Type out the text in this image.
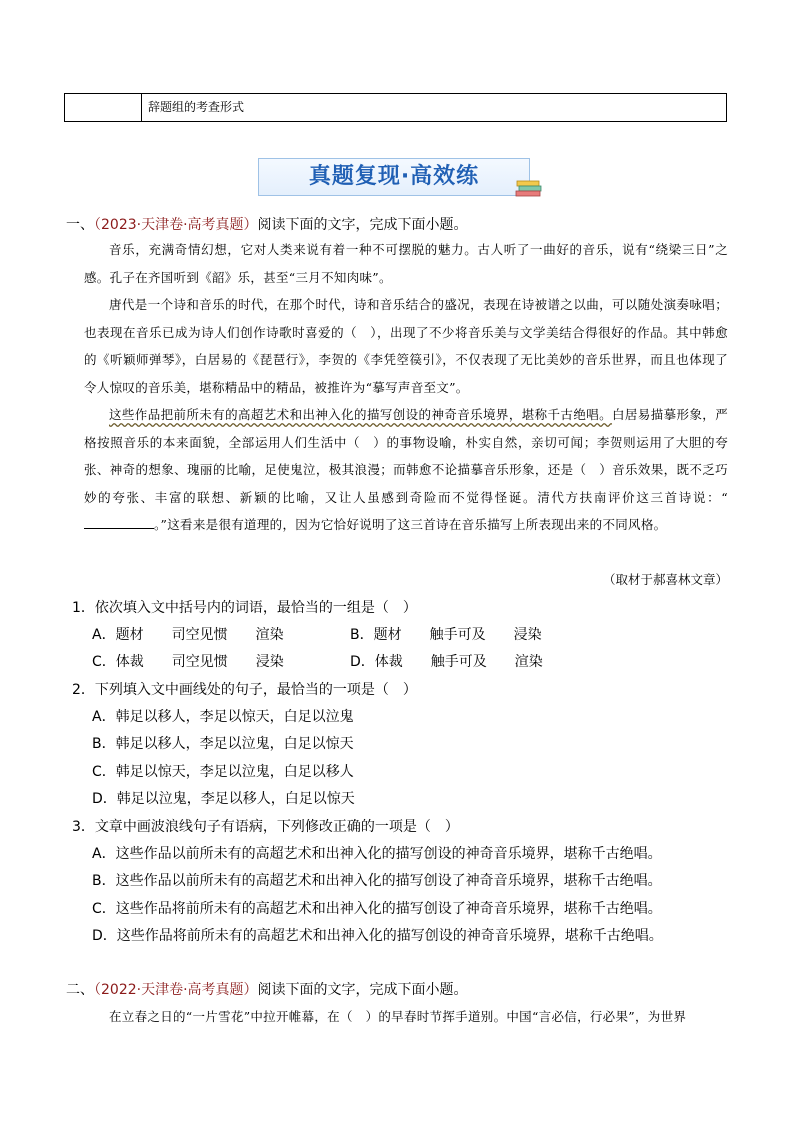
辞题组的考查形式
真题复现·高效练
一、（2023·天津卷·高考真题）阅读下面的文字，完成下面小题。

音乐，充满奇情幻想，它对人类来说有着一种不可摆脱的魅力。古人听了一曲好的音乐，说有“绕梁三日”之感。孔子在齐国听到《韶》乐，甚至“三月不知肉味”。

唐代是一个诗和音乐的时代，在那个时代，诗和音乐结合的盛况，表现在诗被谱之以曲，可以随处演奏咏唱；也表现在音乐已成为诗人们创作诗歌时喜爱的（　），出现了不少将音乐美与文学美结合得很好的作品。其中韩愈的《听颖师弹琴》，白居易的《琵琶行》，李贺的《李凭箜篌引》，不仅表现了无比美妙的音乐世界，而且也体现了令人惊叹的音乐美，堪称精品中的精品，被推许为“摹写声音至文”。

这些作品把前所未有的高超艺术和出神入化的描写创设的神奇音乐境界，堪称千古绝唱。白居易描摹形象，严格按照音乐的本来面貌，全部运用人们生活中（　）的事物设喻，朴实自然，亲切可闻；李贺则运用了大胆的夸张、神奇的想象、瑰丽的比喻，足使鬼泣，极其浪漫；而韩愈不论描摹音乐形象，还是（　）音乐效果，既不乏巧妙的夸张、丰富的联想、新颖的比喻，又让人虽感到奇险而不觉得怪诞。清代方扶南评价这三首诗说：“。”这看来是很有道理的，因为它恰好说明了这三首诗在音乐描写上所表现出来的不同风格。

（取材于郝喜林文章）
1．依次填入文中括号内的词语，最恰当的一组是（　）
A．题材　　司空见惯　　渲染	B．题材　　触手可及　　浸染
C．体裁　　司空见惯　　浸染	D．体裁　　触手可及　　渲染
2．下列填入文中画线处的句子，最恰当的一项是（　）
A．韩足以移人，李足以惊天，白足以泣鬼
B．韩足以移人，李足以泣鬼，白足以惊天
C．韩足以惊天，李足以泣鬼，白足以移人
D．韩足以泣鬼，李足以移人，白足以惊天
3．文章中画波浪线句子有语病，下列修改正确的一项是（　）
A．这些作品以前所未有的高超艺术和出神入化的描写创设的神奇音乐境界，堪称千古绝唱。
B．这些作品以前所未有的高超艺术和出神入化的描写创设了神奇音乐境界，堪称千古绝唱。
C．这些作品将前所未有的高超艺术和出神入化的描写创设了神奇音乐境界，堪称千古绝唱。
D．这些作品将前所未有的高超艺术和出神入化的描写创设的神奇音乐境界，堪称千古绝唱。
二、（2022·天津卷·高考真题）阅读下面的文字，完成下面小题。

在立春之日的“一片雪花”中拉开帷幕，在（　）的早春时节挥手道别。中国“言必信，行必果”，为世界
